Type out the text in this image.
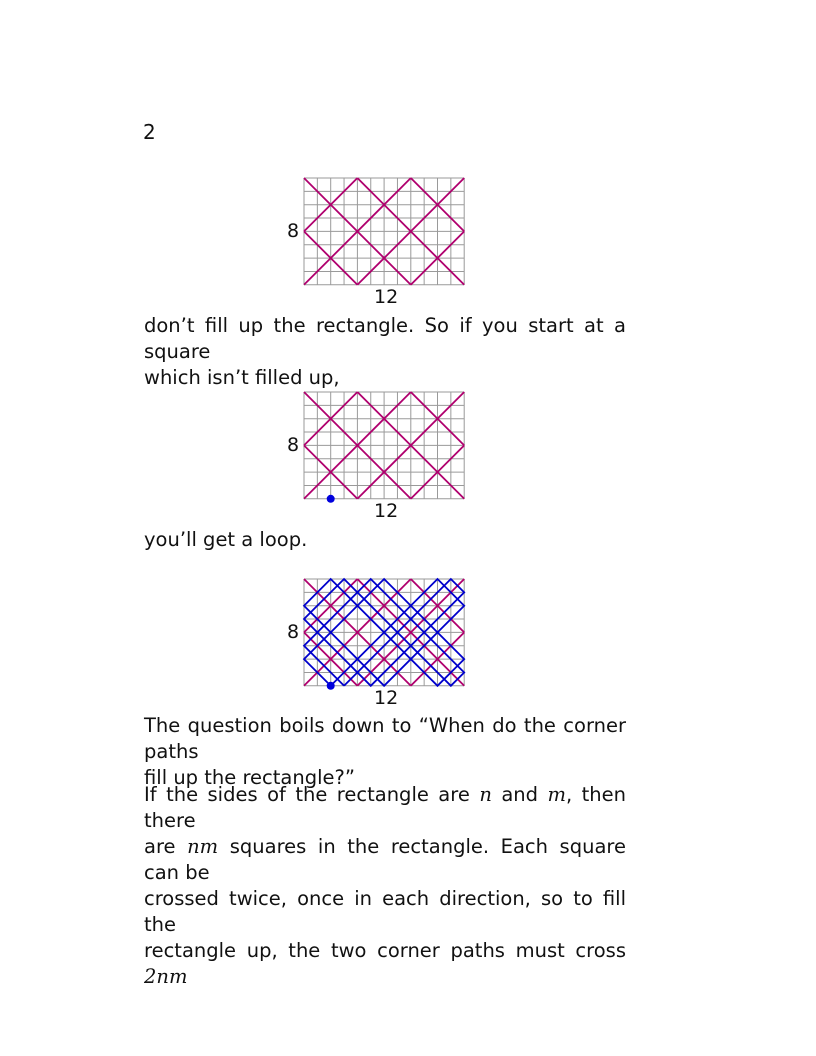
2
8
12
don’t fill up the rectangle. So if you start at a square
which isn’t filled up,
8
12
you’ll get a loop.
8
12
The question boils down to “When do the corner paths
fill up the rectangle?”
If the sides of the rectangle are n and m, then there
are nm squares in the rectangle. Each square can be
crossed twice, once in each direction, so to fill the
rectangle up, the two corner paths must cross 2nm
